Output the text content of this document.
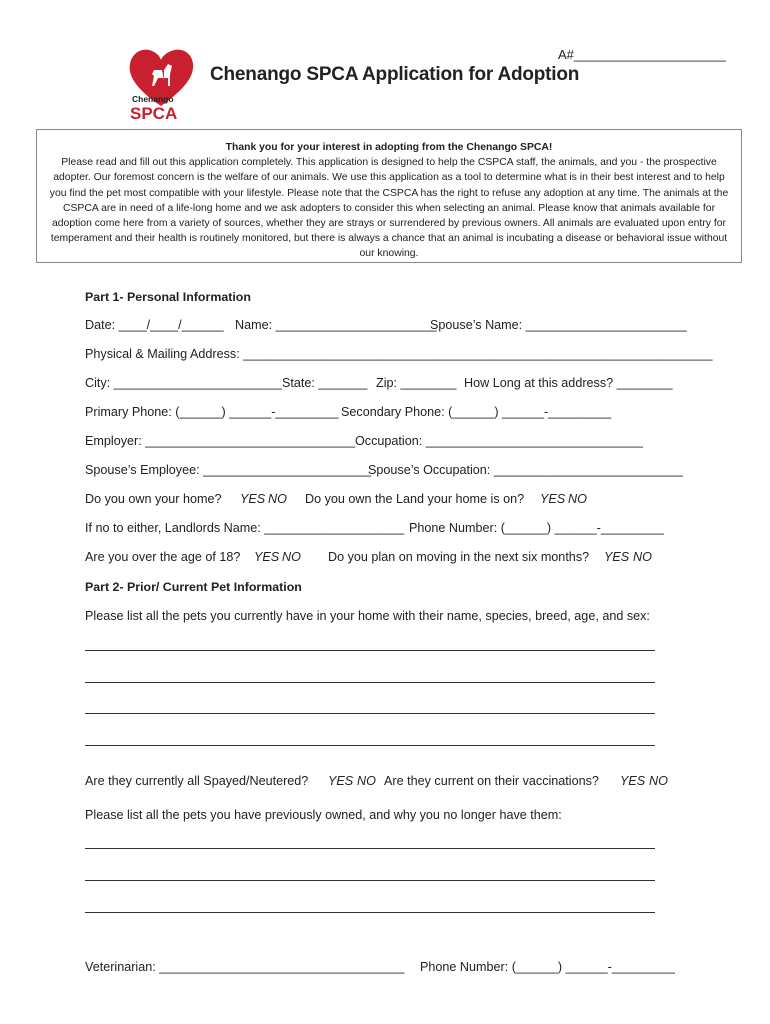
Chenango
SPCA
A#_____________________
Chenango SPCA Application for Adoption

Thank you for your interest in adopting from the Chenango SPCA!

Please read and fill out this application completely. This application is designed to help the CSPCA staff, the animals, and you - the prospective adopter. Our foremost concern is the welfare of our animals. We use this application as a tool to determine what is in their best interest and to help you find the pet most compatible with your lifestyle. Please note that the CSPCA has the right to refuse any adoption at any time. The animals at the CSPCA are in need of a life-long home and we ask adopters to consider this when selecting an animal. Please know that animals available for adoption come here from a variety of sources, whether they are strays or surrendered by previous owners. All animals are evaluated upon entry for temperament and their health is routinely monitored, but there is always a chance that an animal is incubating a disease or behavioral issue without our knowing.

Part 1- Personal Information
Date: ____/____/______ Name: _______________________
Spouse’s Name: _______________________
Physical & Mailing Address: ___________________________________________________________________
City: ________________________ State: _______ Zip: ________ How Long at this address? ________
Primary Phone: (______) ______-_________ Secondary Phone: (______) ______-_________
Employer: ______________________________ Occupation: _______________________________
Spouse’s Employee: ________________________
Spouse’s Occupation: ___________________________
Do you own your home? YES NO Do you own the Land your home is on? YES NO
If no to either, Landlords Name: ____________________ Phone Number: (______) ______-_________
Are you over the age of 18? YES NO Do you plan on moving in the next six months? YES NO
Part 2- Prior/ Current Pet Information
Please list all the pets you currently have in your home with their name, species, breed, age, and sex:
Are they currently all Spayed/Neutered? YES NO Are they current on their vaccinations? YES NO
Please list all the pets you have previously owned, and why you no longer have them:
Veterinarian: ___________________________________ Phone Number: (______) ______-_________
